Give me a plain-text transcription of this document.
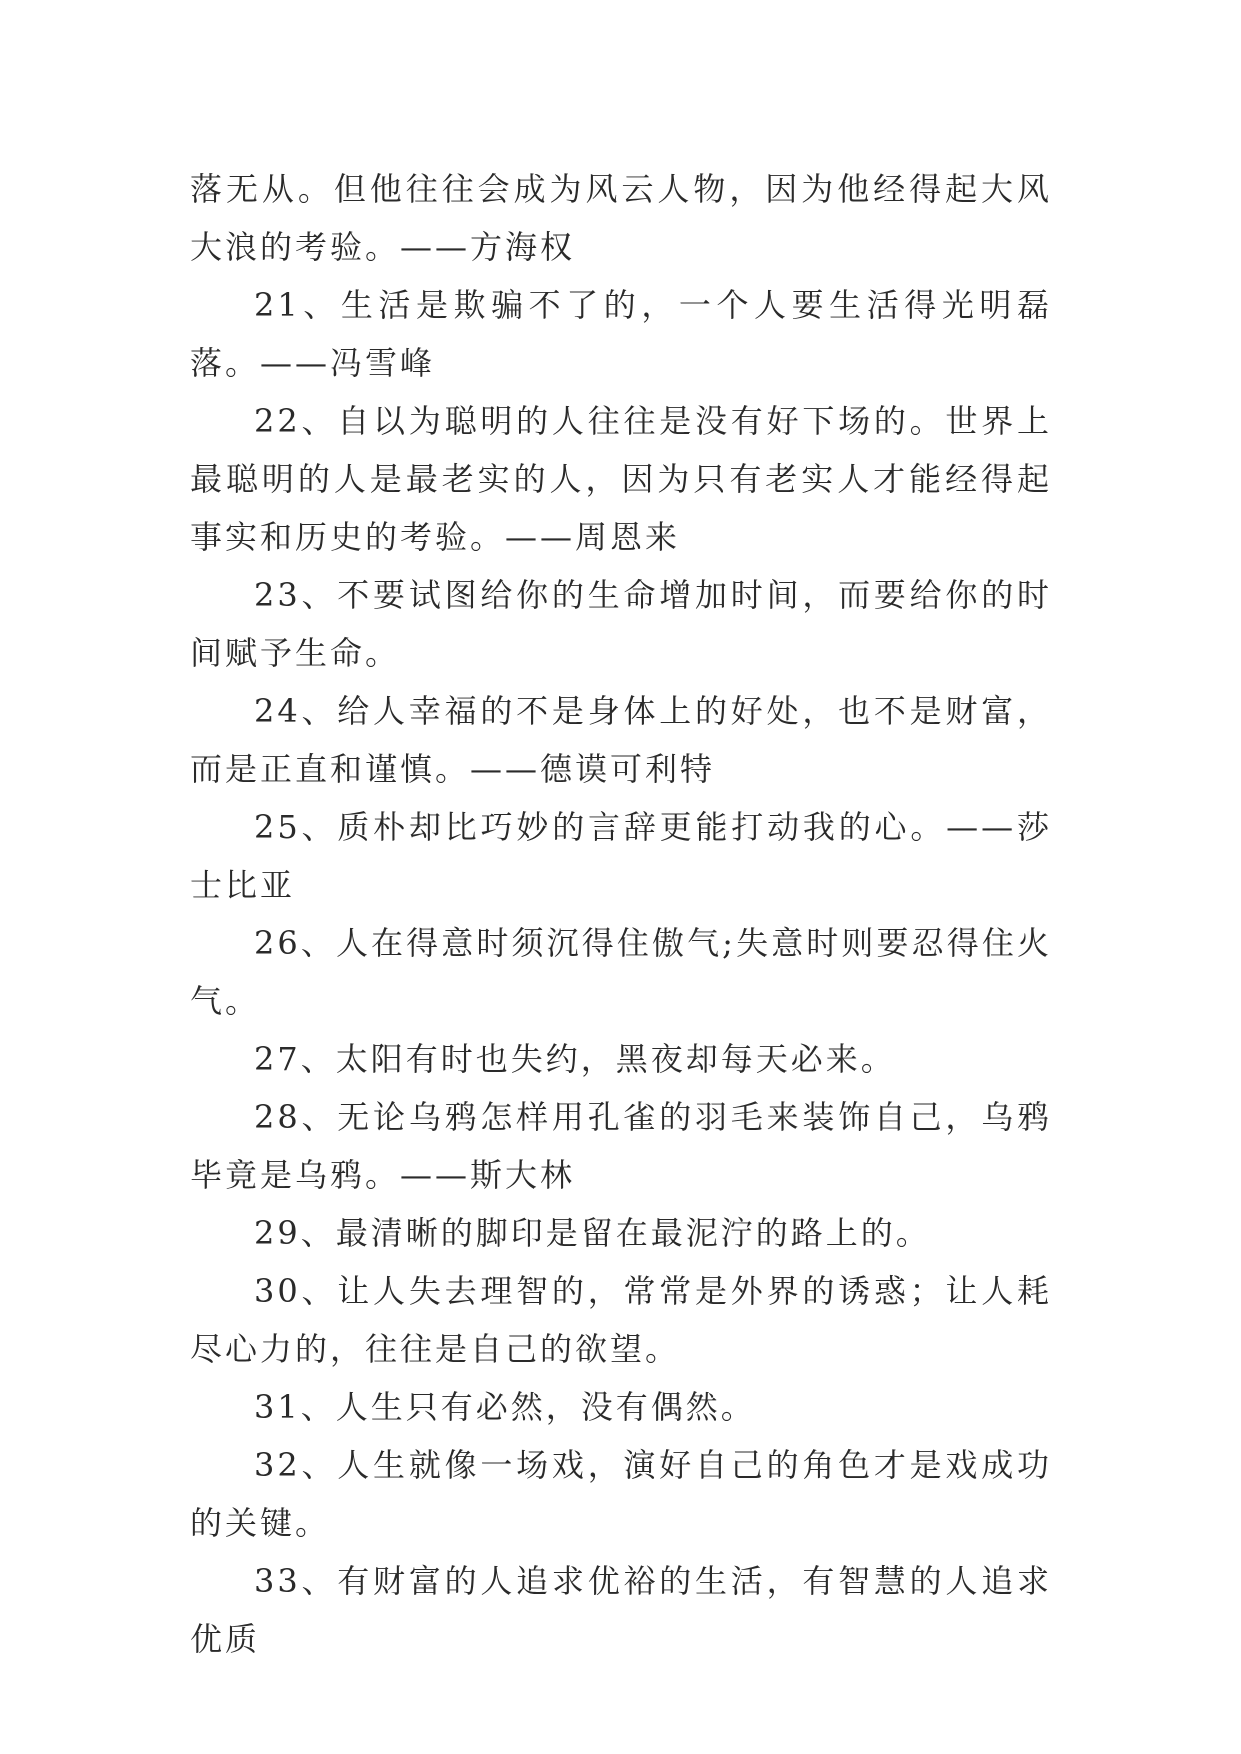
落无从。但他往往会成为风云人物，因为他经得起大风大浪的考验。——方海权

21、生活是欺骗不了的，一个人要生活得光明磊落。——冯雪峰

22、自以为聪明的人往往是没有好下场的。世界上最聪明的人是最老实的人，因为只有老实人才能经得起事实和历史的考验。——周恩来

23、不要试图给你的生命增加时间，而要给你的时间赋予生命。

24、给人幸福的不是身体上的好处，也不是财富，而是正直和谨慎。——德谟可利特

25、质朴却比巧妙的言辞更能打动我的心。——莎士比亚

26、人在得意时须沉得住傲气;失意时则要忍得住火气。

27、太阳有时也失约，黑夜却每天必来。

28、无论乌鸦怎样用孔雀的羽毛来装饰自己，乌鸦毕竟是乌鸦。——斯大林

29、最清晰的脚印是留在最泥泞的路上的。

30、让人失去理智的，常常是外界的诱惑；让人耗尽心力的，往往是自己的欲望。

31、人生只有必然，没有偶然。

32、人生就像一场戏，演好自己的角色才是戏成功的关键。

33、有财富的人追求优裕的生活，有智慧的人追求优质
